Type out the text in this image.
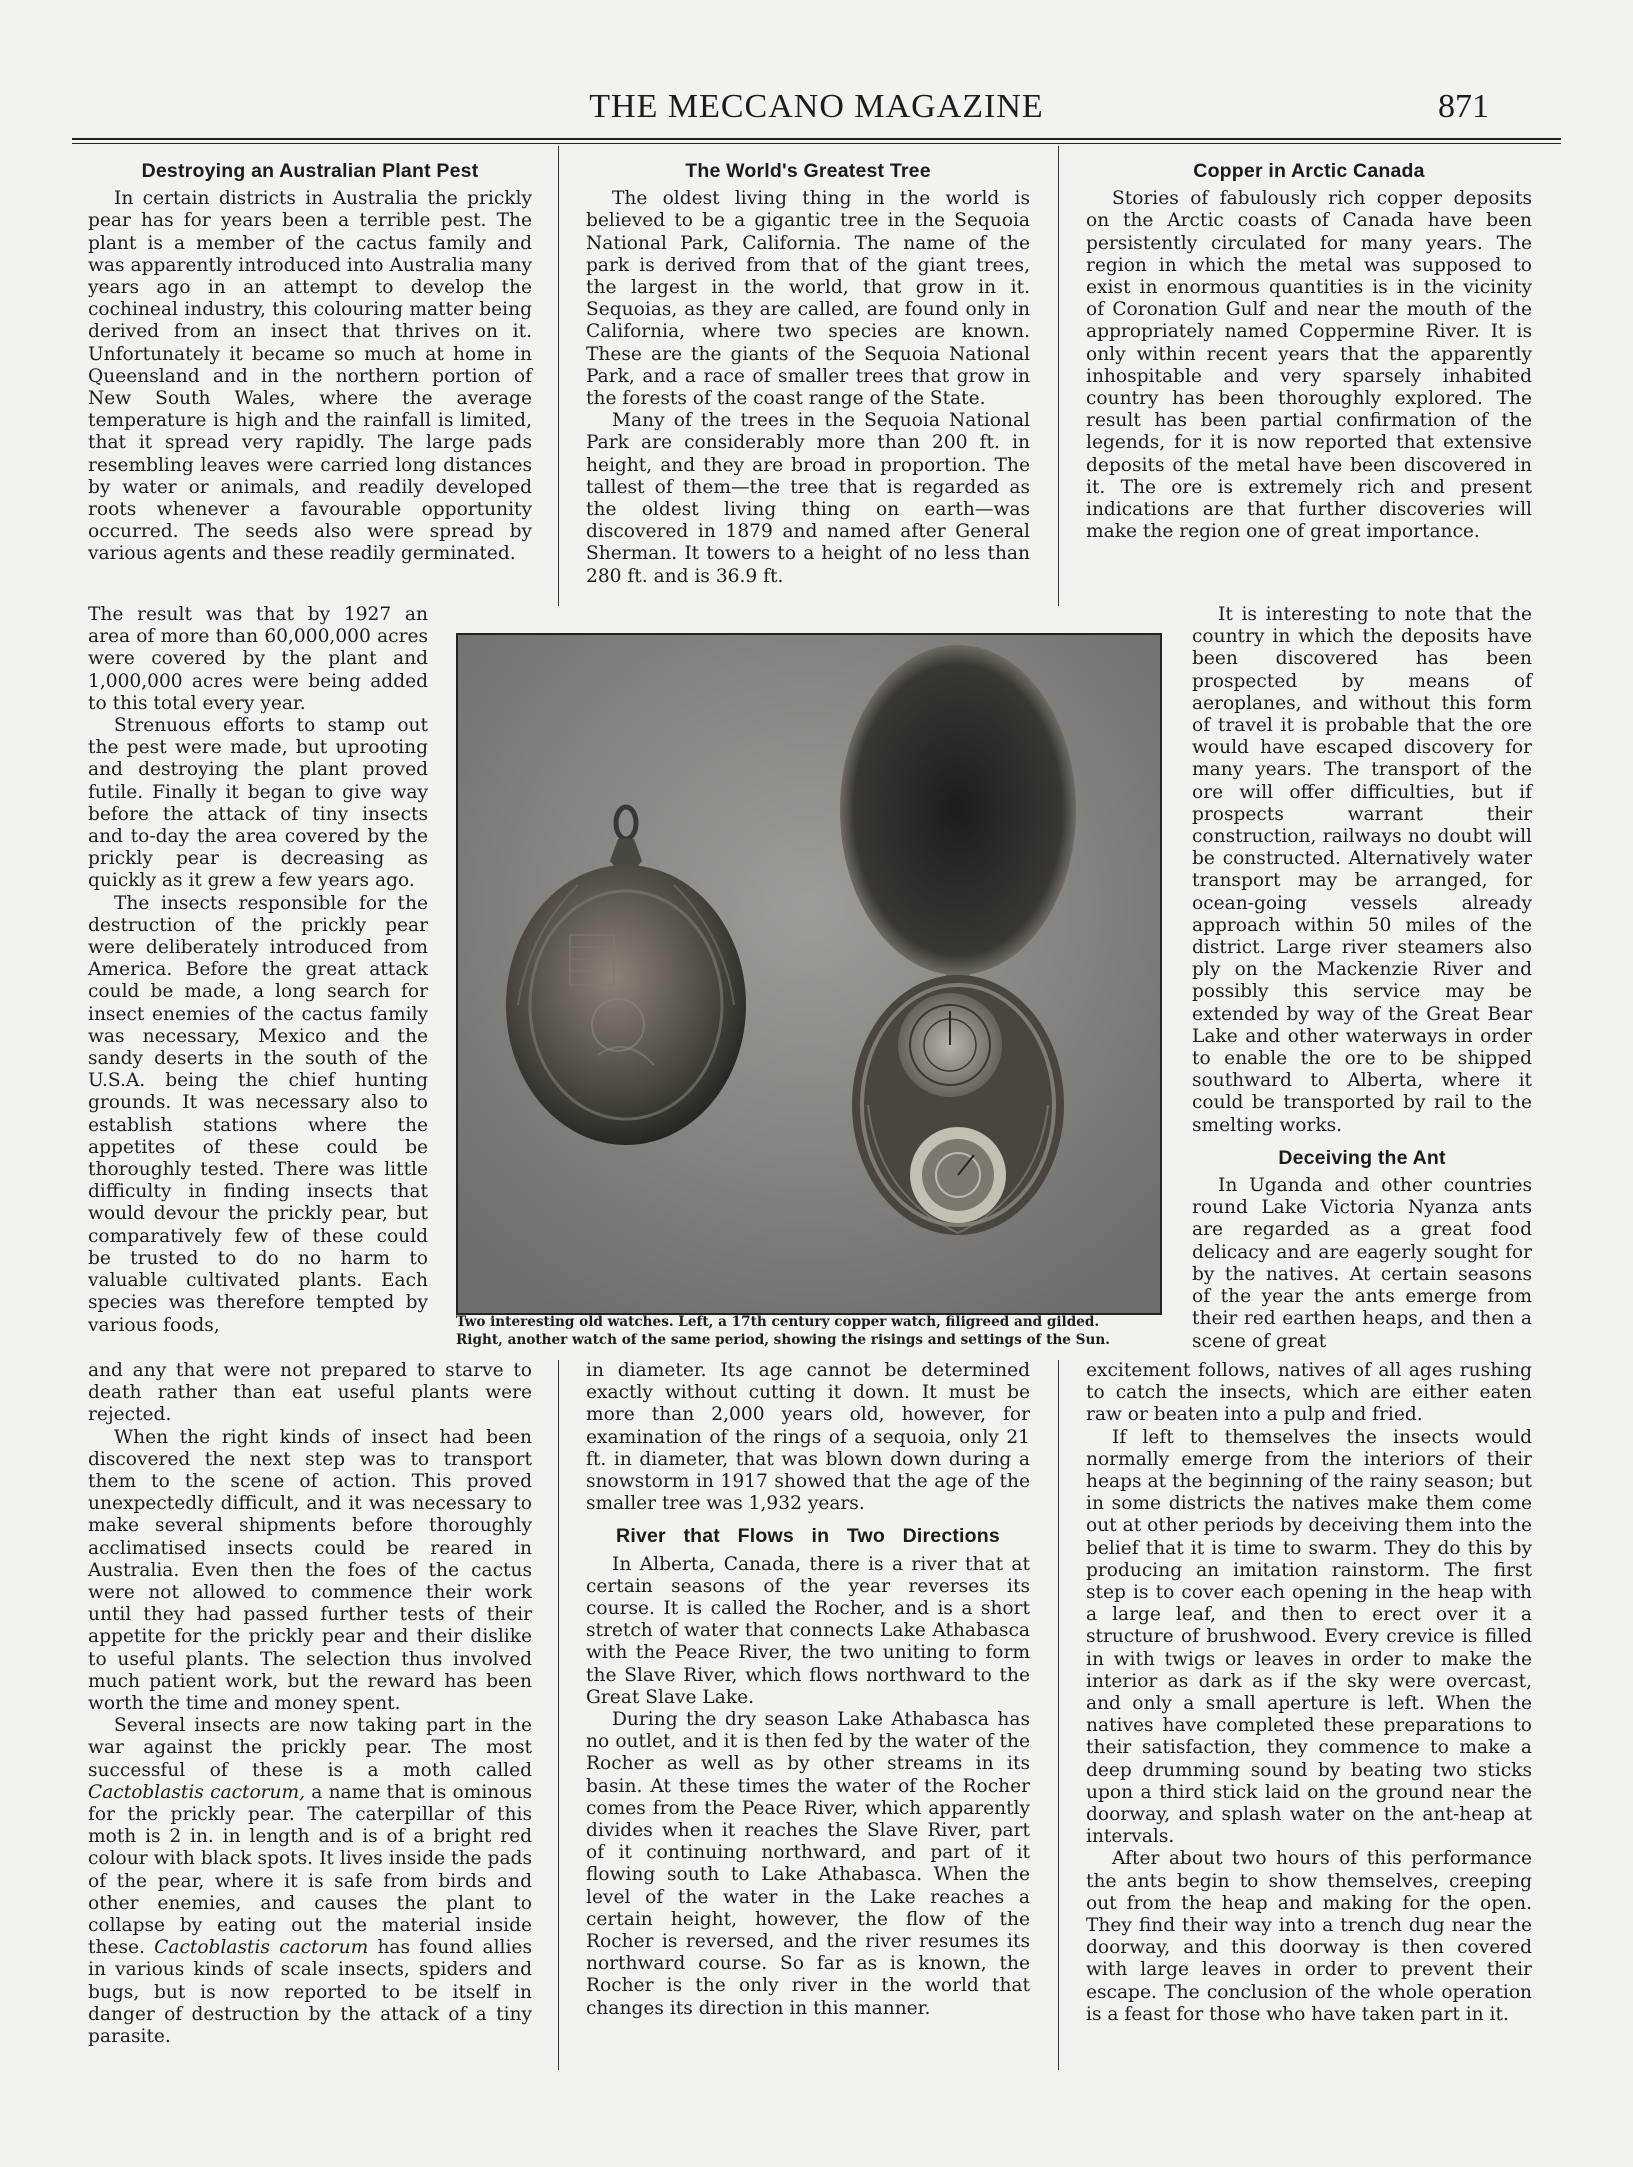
THE MECCANO MAGAZINE	871
Destroying an Australian Plant Pest

In certain districts in Australia the prickly pear has for years been a terrible pest. The plant is a member of the cactus family and was apparently introduced into Australia many years ago in an attempt to develop the cochineal industry, this colouring matter being derived from an insect that thrives on it. Unfortunately it became so much at home in Queensland and in the northern portion of New South Wales, where the average temperature is high and the rainfall is limited, that it spread very rapidly. The large pads resembling leaves were carried long distances by water or animals, and readily developed roots whenever a favourable opportunity occurred. The seeds also were spread by various agents and these readily germinated.

The result was that by 1927 an area of more than 60,000,000 acres were covered by the plant and 1,000,000 acres were being added to this total every year.

Strenuous efforts to stamp out the pest were made, but uprooting and destroying the plant proved futile. Finally it began to give way before the attack of tiny insects and to-day the area covered by the prickly pear is decreasing as quickly as it grew a few years ago.

The insects responsible for the destruction of the prickly pear were deliberately introduced from America. Before the great attack could be made, a long search for insect enemies of the cactus family was necessary, Mexico and the sandy deserts in the south of the U.S.A. being the chief hunting grounds. It was necessary also to establish stations where the appetites of these could be thoroughly tested. There was little difficulty in finding insects that would devour the prickly pear, but comparatively few of these could be trusted to do no harm to valuable cultivated plants. Each species was therefore tempted by various foods,

and any that were not prepared to starve to death rather than eat useful plants were rejected.

When the right kinds of insect had been discovered the next step was to transport them to the scene of action. This proved unexpectedly difficult, and it was necessary to make several shipments before thoroughly acclimatised insects could be reared in Australia. Even then the foes of the cactus were not allowed to commence their work until they had passed further tests of their appetite for the prickly pear and their dislike to useful plants. The selection thus involved much patient work, but the reward has been worth the time and money spent.

Several insects are now taking part in the war against the prickly pear. The most successful of these is a moth called Cactoblastis cactorum, a name that is ominous for the prickly pear. The caterpillar of this moth is 2 in. in length and is of a bright red colour with black spots. It lives inside the pads of the pear, where it is safe from birds and other enemies, and causes the plant to collapse by eating out the material inside these. Cactoblastis cactorum has found allies in various kinds of scale insects, spiders and bugs, but is now reported to be itself in danger of destruction by the attack of a tiny parasite.

The World's Greatest Tree

The oldest living thing in the world is believed to be a gigantic tree in the Sequoia National Park, California. The name of the park is derived from that of the giant trees, the largest in the world, that grow in it. Sequoias, as they are called, are found only in California, where two species are known. These are the giants of the Sequoia National Park, and a race of smaller trees that grow in the forests of the coast range of the State.

Many of the trees in the Sequoia National Park are considerably more than 200 ft. in height, and they are broad in proportion. The tallest of them—the tree that is regarded as the oldest living thing on earth—was discovered in 1879 and named after General Sherman. It towers to a height of no less than 280 ft. and is 36.9 ft.

in diameter. Its age cannot be determined exactly without cutting it down. It must be more than 2,000 years old, however, for examination of the rings of a sequoia, only 21 ft. in diameter, that was blown down during a snowstorm in 1917 showed that the age of the smaller tree was 1,932 years.

River that Flows in Two Directions

In Alberta, Canada, there is a river that at certain seasons of the year reverses its course. It is called the Rocher, and is a short stretch of water that connects Lake Athabasca with the Peace River, the two uniting to form the Slave River, which flows northward to the Great Slave Lake.

During the dry season Lake Athabasca has no outlet, and it is then fed by the water of the Rocher as well as by other streams in its basin. At these times the water of the Rocher comes from the Peace River, which apparently divides when it reaches the Slave River, part of it continuing northward, and part of it flowing south to Lake Athabasca. When the level of the water in the Lake reaches a certain height, however, the flow of the Rocher is reversed, and the river resumes its northward course. So far as is known, the Rocher is the only river in the world that changes its direction in this manner.

Copper in Arctic Canada

Stories of fabulously rich copper deposits on the Arctic coasts of Canada have been persistently circulated for many years. The region in which the metal was supposed to exist in enormous quantities is in the vicinity of Coronation Gulf and near the mouth of the appropriately named Coppermine River. It is only within recent years that the apparently inhospitable and very sparsely inhabited country has been thoroughly explored. The result has been partial confirmation of the legends, for it is now reported that extensive deposits of the metal have been discovered in it. The ore is extremely rich and present indications are that further discoveries will make the region one of great importance.

It is interesting to note that the country in which the deposits have been discovered has been prospected by means of aeroplanes, and without this form of travel it is probable that the ore would have escaped discovery for many years. The transport of the ore will offer difficulties, but if prospects warrant their construction, railways no doubt will be constructed. Alternatively water transport may be arranged, for ocean-going vessels already approach within 50 miles of the district. Large river steamers also ply on the Mackenzie River and possibly this service may be extended by way of the Great Bear Lake and other waterways in order to enable the ore to be shipped southward to Alberta, where it could be transported by rail to the smelting works.

Deceiving the Ant

In Uganda and other countries round Lake Victoria Nyanza ants are regarded as a great food delicacy and are eagerly sought for by the natives. At certain seasons of the year the ants emerge from their red earthen heaps, and then a scene of great

excitement follows, natives of all ages rushing to catch the insects, which are either eaten raw or beaten into a pulp and fried.

If left to themselves the insects would normally emerge from the interiors of their heaps at the beginning of the rainy season; but in some districts the natives make them come out at other periods by deceiving them into the belief that it is time to swarm. They do this by producing an imitation rainstorm. The first step is to cover each opening in the heap with a large leaf, and then to erect over it a structure of brushwood. Every crevice is filled in with twigs or leaves in order to make the interior as dark as if the sky were overcast, and only a small aperture is left. When the natives have completed these preparations to their satisfaction, they commence to make a deep drumming sound by beating two sticks upon a third stick laid on the ground near the doorway, and splash water on the ant-heap at intervals.

After about two hours of this performance the ants begin to show themselves, creeping out from the heap and making for the open. They find their way into a trench dug near the doorway, and this doorway is then covered with large leaves in order to prevent their escape. The conclusion of the whole operation is a feast for those who have taken part in it.

Two interesting old watches. Left, a 17th century copper watch, filigreed and gilded.
Right, another watch of the same period, showing the risings and settings of the Sun.
